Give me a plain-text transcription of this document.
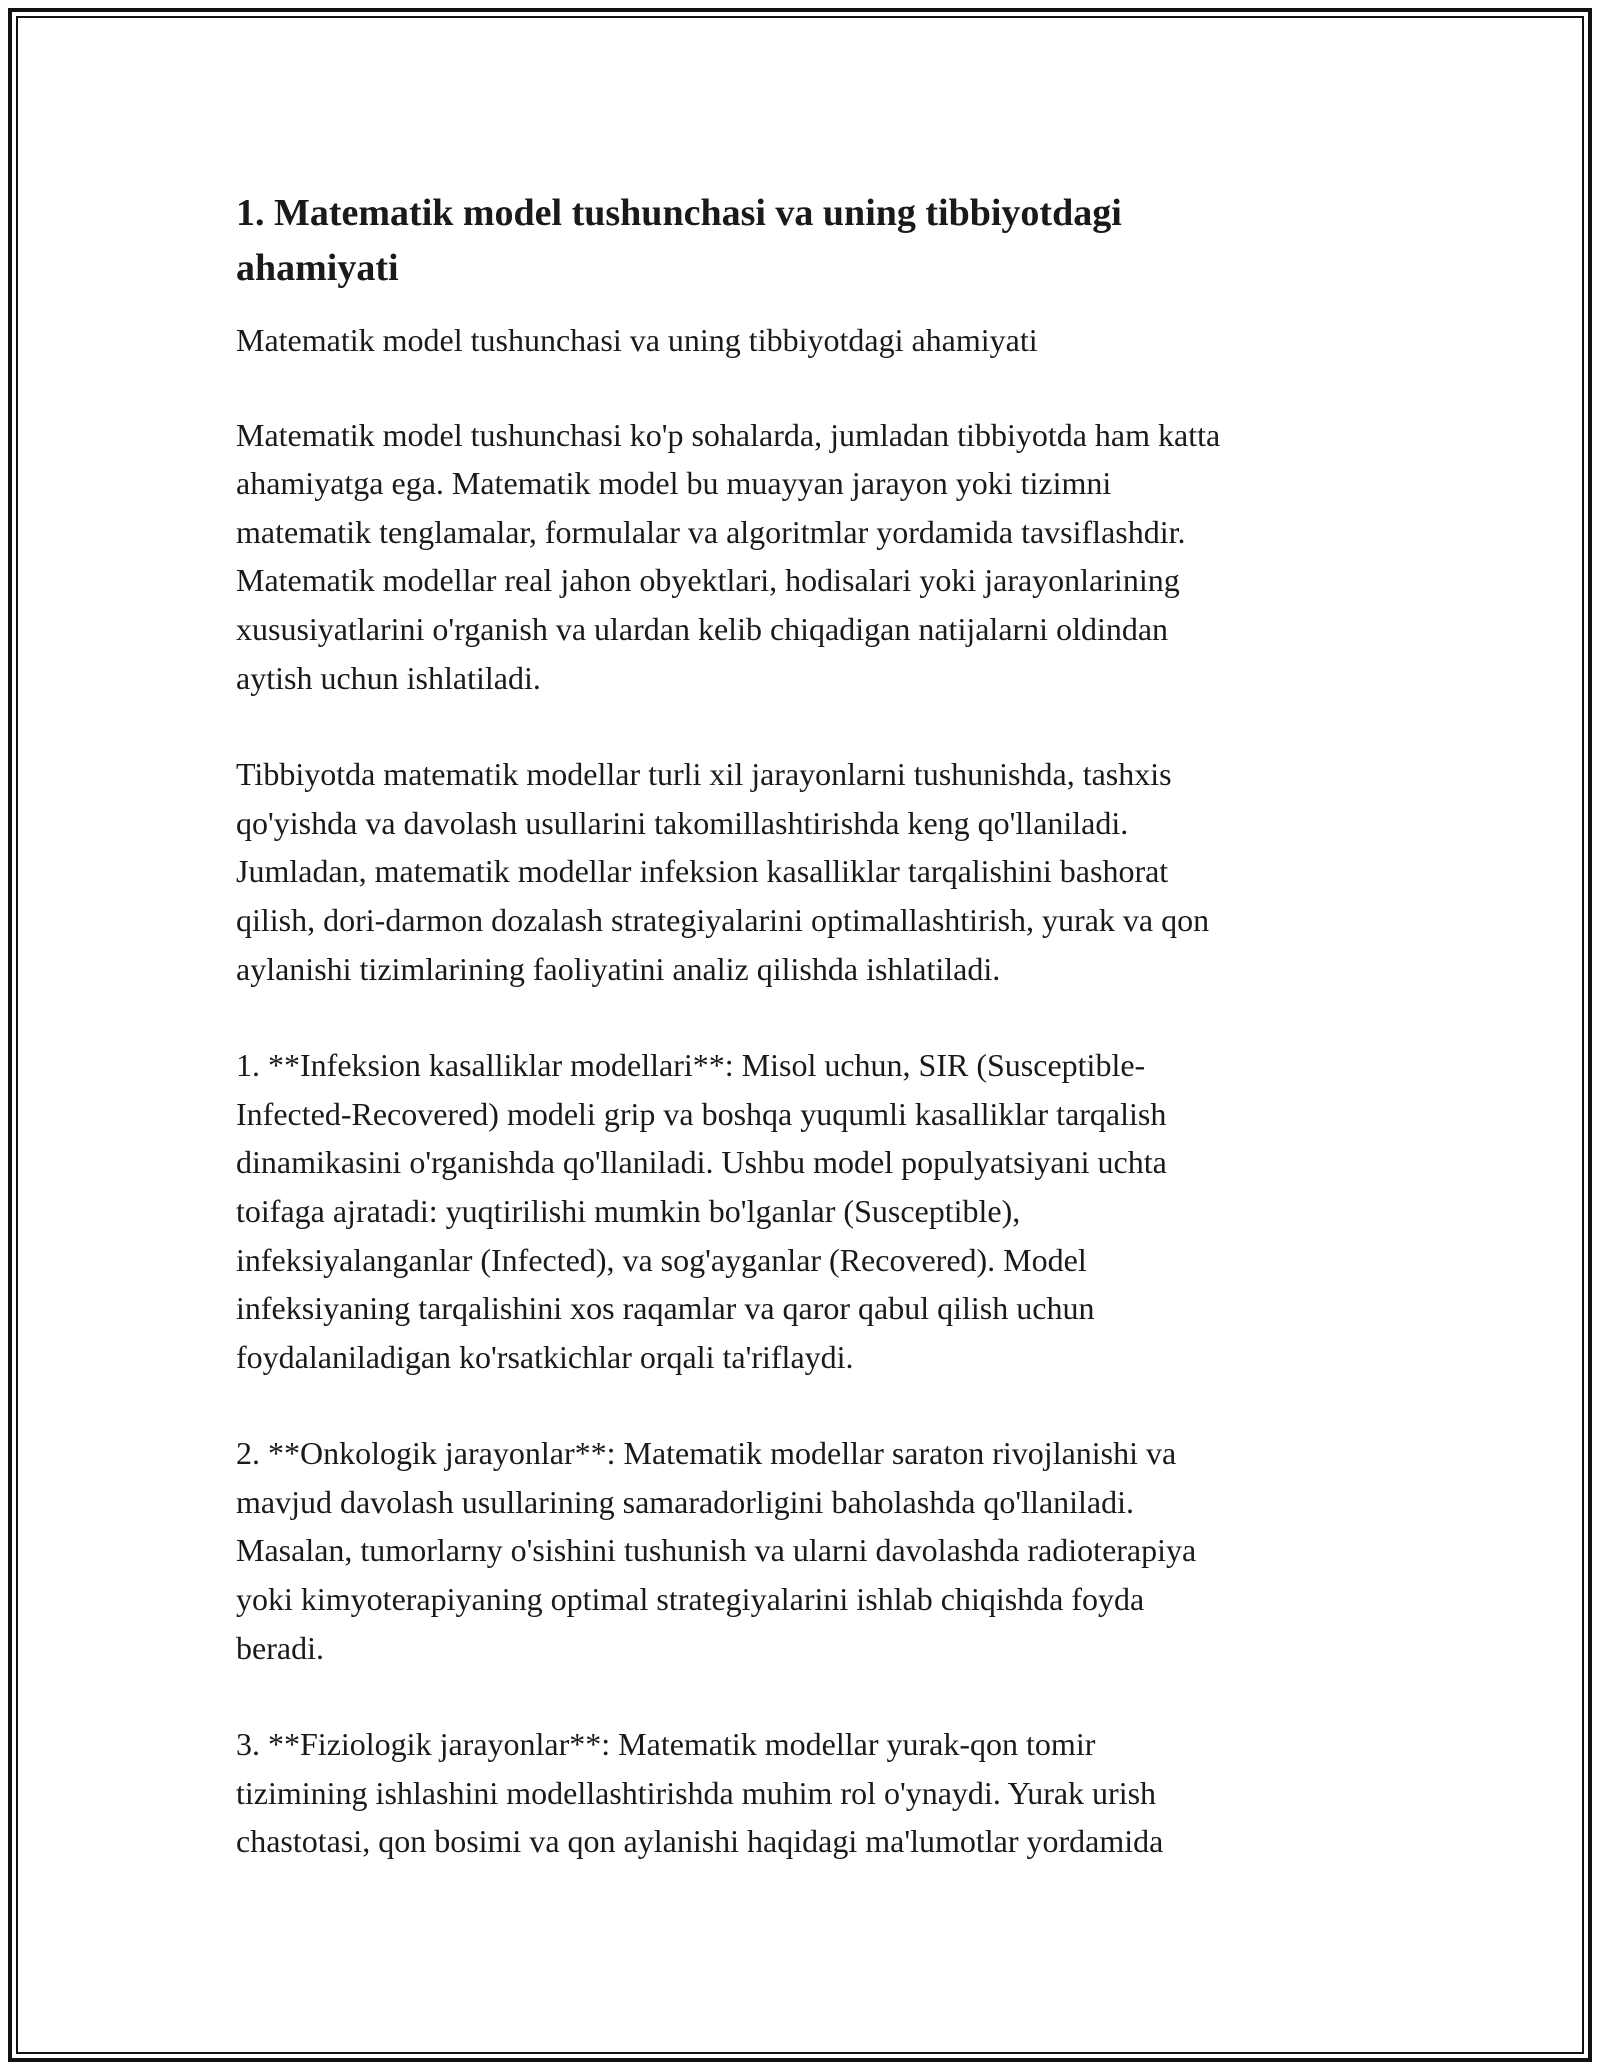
1. Matematik model tushunchasi va uning tibbiyotdagi
ahamiyati

Matematik model tushunchasi va uning tibbiyotdagi ahamiyati

Matematik model tushunchasi ko'p sohalarda, jumladan tibbiyotda ham katta
ahamiyatga ega. Matematik model bu muayyan jarayon yoki tizimni
matematik tenglamalar, formulalar va algoritmlar yordamida tavsiflashdir.
Matematik modellar real jahon obyektlari, hodisalari yoki jarayonlarining
xususiyatlarini o'rganish va ulardan kelib chiqadigan natijalarni oldindan
aytish uchun ishlatiladi.

Tibbiyotda matematik modellar turli xil jarayonlarni tushunishda, tashxis
qo'yishda va davolash usullarini takomillashtirishda keng qo'llaniladi.
Jumladan, matematik modellar infeksion kasalliklar tarqalishini bashorat
qilish, dori-darmon dozalash strategiyalarini optimallashtirish, yurak va qon
aylanishi tizimlarining faoliyatini analiz qilishda ishlatiladi.

1. **Infeksion kasalliklar modellari**: Misol uchun, SIR (Susceptible-
Infected-Recovered) modeli grip va boshqa yuqumli kasalliklar tarqalish
dinamikasini o'rganishda qo'llaniladi. Ushbu model populyatsiyani uchta
toifaga ajratadi: yuqtirilishi mumkin bo'lganlar (Susceptible),
infeksiyalanganlar (Infected), va sog'ayganlar (Recovered). Model
infeksiyaning tarqalishini xos raqamlar va qaror qabul qilish uchun
foydalaniladigan ko'rsatkichlar orqali ta'riflaydi.

2. **Onkologik jarayonlar**: Matematik modellar saraton rivojlanishi va
mavjud davolash usullarining samaradorligini baholashda qo'llaniladi.
Masalan, tumorlarny o'sishini tushunish va ularni davolashda radioterapiya
yoki kimyoterapiyaning optimal strategiyalarini ishlab chiqishda foyda
beradi.

3. **Fiziologik jarayonlar**: Matematik modellar yurak-qon tomir
tizimining ishlashini modellashtirishda muhim rol o'ynaydi. Yurak urish
chastotasi, qon bosimi va qon aylanishi haqidagi ma'lumotlar yordamida
